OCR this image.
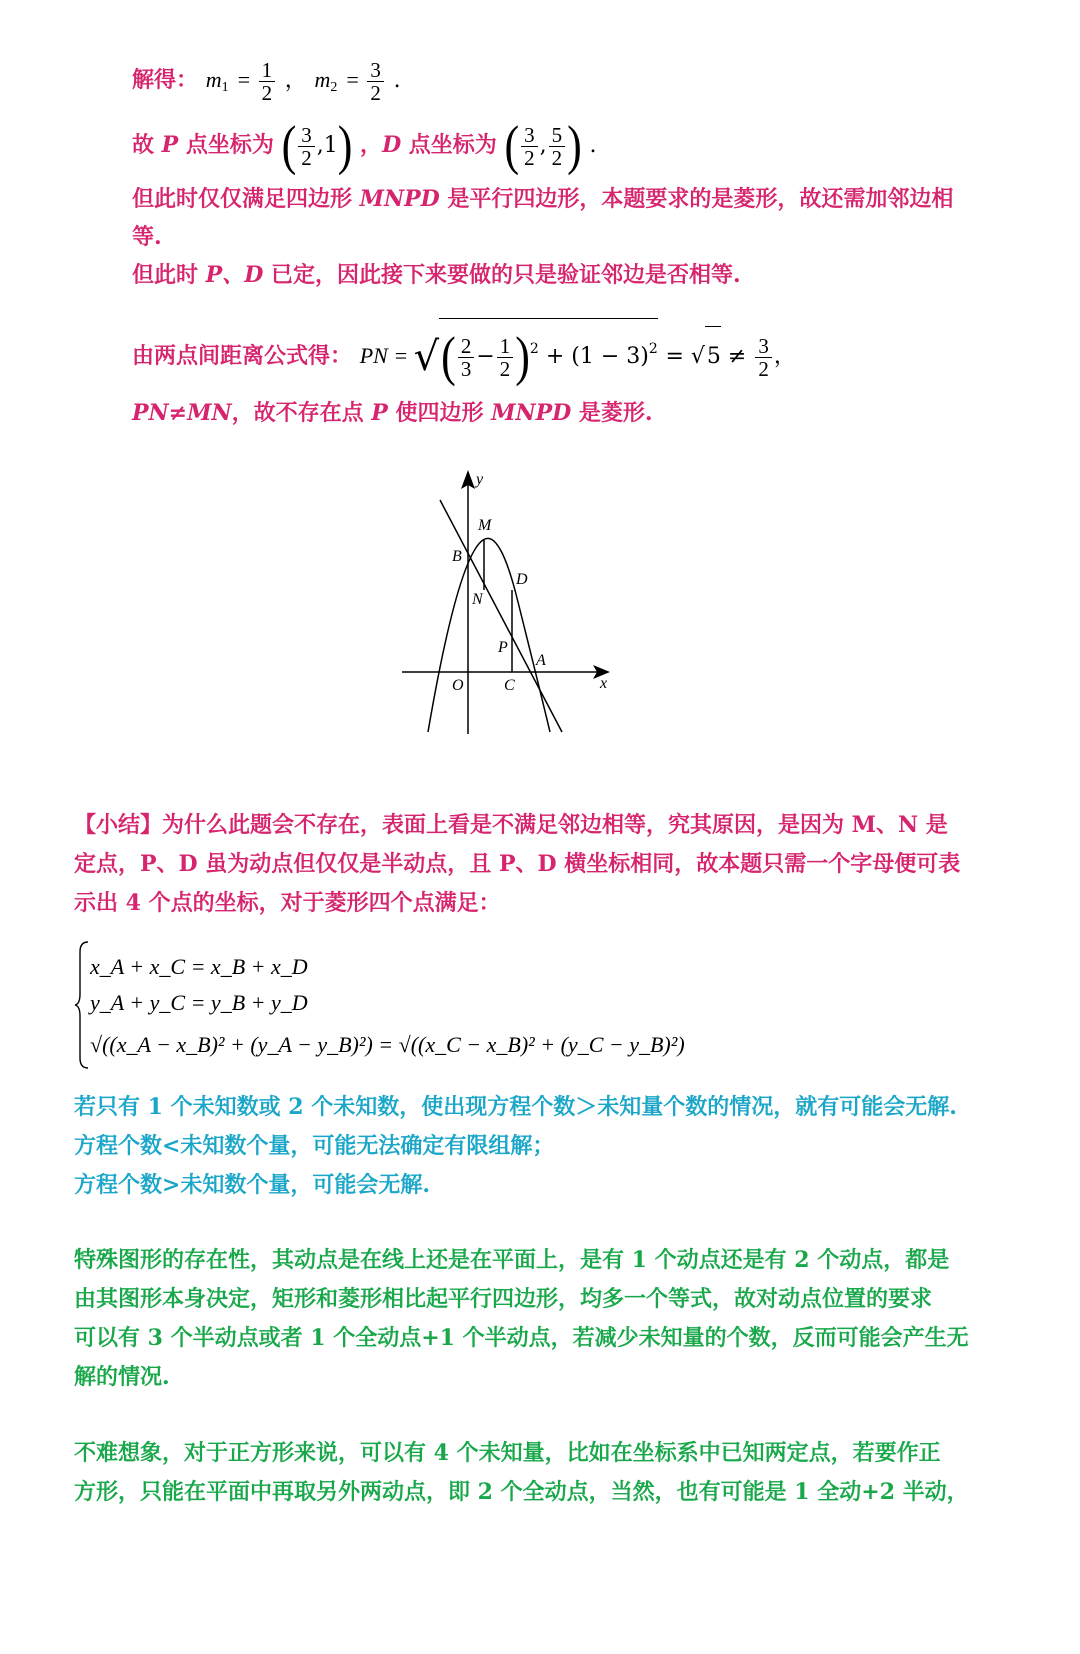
解得： $m_1 = \frac{1}{2}$ ， $m_2 = \frac{3}{2}$ .
故 P 点坐标为 ( $\frac{3}{2} ,1$) ，D 点坐标为 ( $\frac{3}{2}$ , $\frac{5}{2}$ ) .
但此时仅仅满足四边形 MNPD 是平行四边形，本题要求的是菱形，故还需加邻边相
等.
但此时 P、D 已定，因此接下来要做的只是验证邻边是否相等.
由两点间距离公式得： PN = √( $\frac{2}{3} - \frac{1}{2} )^2 + (1 - 3)^2 = √5 \ne \frac{3}{2}$ ，
PN≠MN，故不存在点 P 使四边形 MNPD 是菱形.
y
x
M
B
D
N
P
A
O	C
【小结】为什么此题会不存在，表面上看是不满足邻边相等，究其原因，是因为 M、N 是
定点，P、D 虽为动点但仅仅是半动点，且 P、D 横坐标相同，故本题只需一个字母便可表
示出 4 个点的坐标，对于菱形四个点满足：
x_A + x_C = x_B + x_D
y_A + y_C = y_B + y_D
√((x_A − x_B)² + (y_A − y_B)²) = √((x_C − x_B)² + (y_C − y_B)²)
若只有 1 个未知数或 2 个未知数，使出现方程个数＞未知量个数的情况，就有可能会无解.
方程个数<未知数个量，可能无法确定有限组解；
方程个数>未知数个量，可能会无解.
特殊图形的存在性，其动点是在线上还是在平面上，是有 1 个动点还是有 2 个动点，都是
由其图形本身决定，矩形和菱形相比起平行四边形，均多一个等式，故对动点位置的要求
可以有 3 个半动点或者 1 个全动点+1 个半动点，若减少未知量的个数，反而可能会产生无
解的情况.
不难想象，对于正方形来说，可以有 4 个未知量，比如在坐标系中已知两定点，若要作正
方形，只能在平面中再取另外两动点，即 2 个全动点，当然，也有可能是 1 全动+2 半动，
